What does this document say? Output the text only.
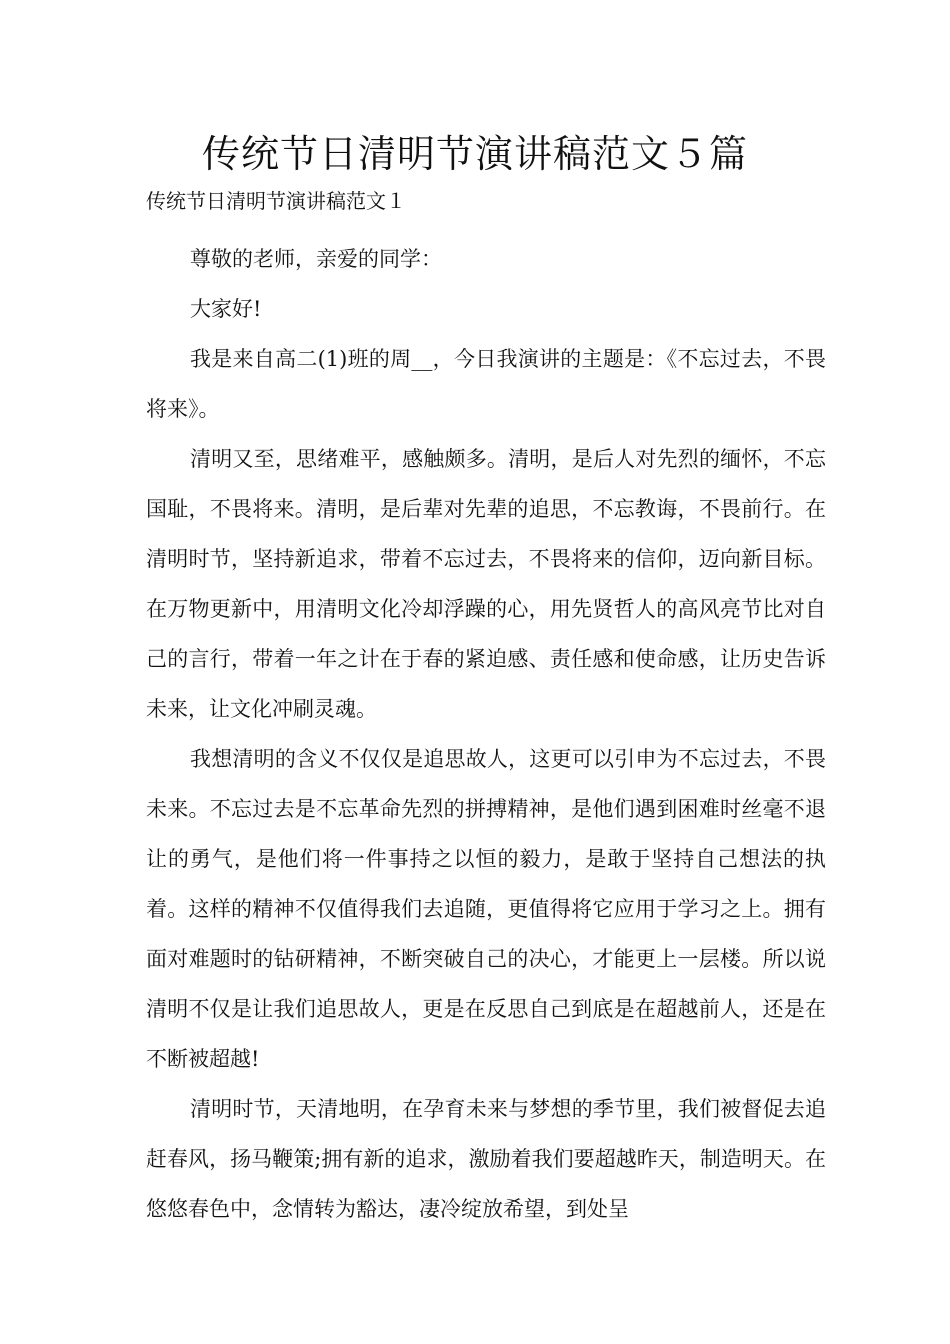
传统节日清明节演讲稿范文５篇

传统节日清明节演讲稿范文１

尊敬的老师，亲爱的同学：

大家好!

我是来自高二(1)班的周__，今日我演讲的主题是：《不忘过去，不畏将来》。

清明又至，思绪难平，感触颇多。清明，是后人对先烈的缅怀，不忘国耻，不畏将来。清明，是后辈对先辈的追思，不忘教诲，不畏前行。在清明时节，坚持新追求，带着不忘过去，不畏将来的信仰，迈向新目标。在万物更新中，用清明文化冷却浮躁的心，用先贤哲人的高风亮节比对自己的言行，带着一年之计在于春的紧迫感、责任感和使命感，让历史告诉未来，让文化冲刷灵魂。

我想清明的含义不仅仅是追思故人，这更可以引申为不忘过去，不畏未来。不忘过去是不忘革命先烈的拼搏精神，是他们遇到困难时丝毫不退让的勇气，是他们将一件事持之以恒的毅力，是敢于坚持自己想法的执着。这样的精神不仅值得我们去追随，更值得将它应用于学习之上。拥有面对难题时的钻研精神，不断突破自己的决心，才能更上一层楼。所以说清明不仅是让我们追思故人，更是在反思自己到底是在超越前人，还是在不断被超越!

清明时节，天清地明，在孕育未来与梦想的季节里，我们被督促去追赶春风，扬马鞭策;拥有新的追求，激励着我们要超越昨天，制造明天。在悠悠春色中，念情转为豁达，凄冷绽放希望，到处呈
